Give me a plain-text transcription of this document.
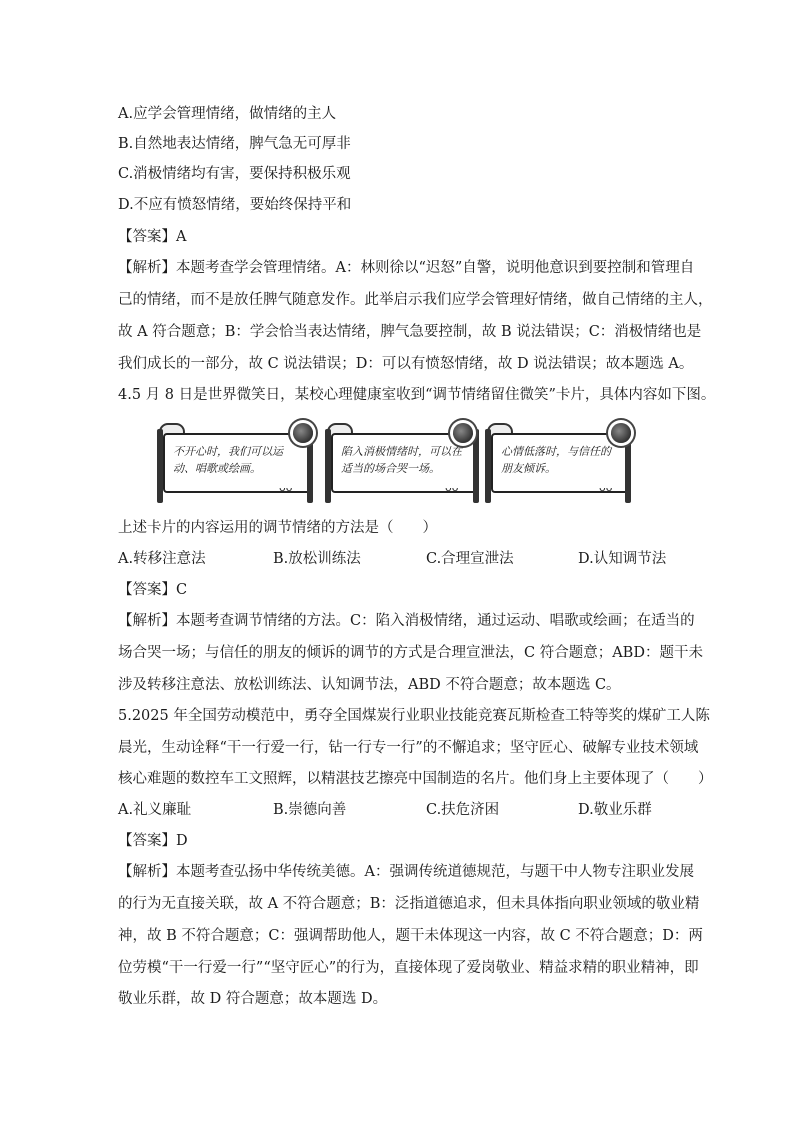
A.应学会管理情绪，做情绪的主人
B.自然地表达情绪，脾气急无可厚非
C.消极情绪均有害，要保持积极乐观
D.不应有愤怒情绪，要始终保持平和
【答案】A
【解析】本题考查学会管理情绪。A：林则徐以“迟怒”自警，说明他意识到要控制和管理自
己的情绪，而不是放任脾气随意发作。此举启示我们应学会管理好情绪，做自己情绪的主人，
故 A 符合题意；B：学会恰当表达情绪，脾气急要控制，故 B 说法错误；C：消极情绪也是
我们成长的一部分，故 C 说法错误；D：可以有愤怒情绪，故 D 说法错误；故本题选 A。
4.5 月 8 日是世界微笑日，某校心理健康室收到“调节情绪留住微笑”卡片，具体内容如下图。
不开心时，我们可以运动、唱歌或绘画。
陷入消极情绪时，可以在适当的场合哭一场。
心情低落时，与信任的朋友倾诉。
ᴗᴗ	ᴗᴗ	ᴗᴗ
上述卡片的内容运用的调节情绪的方法是（　　）
A.转移注意法	B.放松训练法	C.合理宣泄法	D.认知调节法
【答案】C
【解析】本题考查调节情绪的方法。C：陷入消极情绪，通过运动、唱歌或绘画；在适当的
场合哭一场；与信任的朋友的倾诉的调节的方式是合理宣泄法，C 符合题意；ABD：题干未
涉及转移注意法、放松训练法、认知调节法，ABD 不符合题意；故本题选 C。
5.2025 年全国劳动模范中，勇夺全国煤炭行业职业技能竞赛瓦斯检查工特等奖的煤矿工人陈
晨光，生动诠释“干一行爱一行，钻一行专一行”的不懈追求；坚守匠心、破解专业技术领域
核心难题的数控车工文照辉，以精湛技艺擦亮中国制造的名片。他们身上主要体现了（　　）
A.礼义廉耻	B.崇德向善	C.扶危济困	D.敬业乐群
【答案】D
【解析】本题考查弘扬中华传统美德。A：强调传统道德规范，与题干中人物专注职业发展
的行为无直接关联，故 A 不符合题意；B：泛指道德追求，但未具体指向职业领域的敬业精
神，故 B 不符合题意；C：强调帮助他人，题干未体现这一内容，故 C 不符合题意；D：两
位劳模“干一行爱一行”“坚守匠心”的行为，直接体现了爱岗敬业、精益求精的职业精神，即
敬业乐群，故 D 符合题意；故本题选 D。
